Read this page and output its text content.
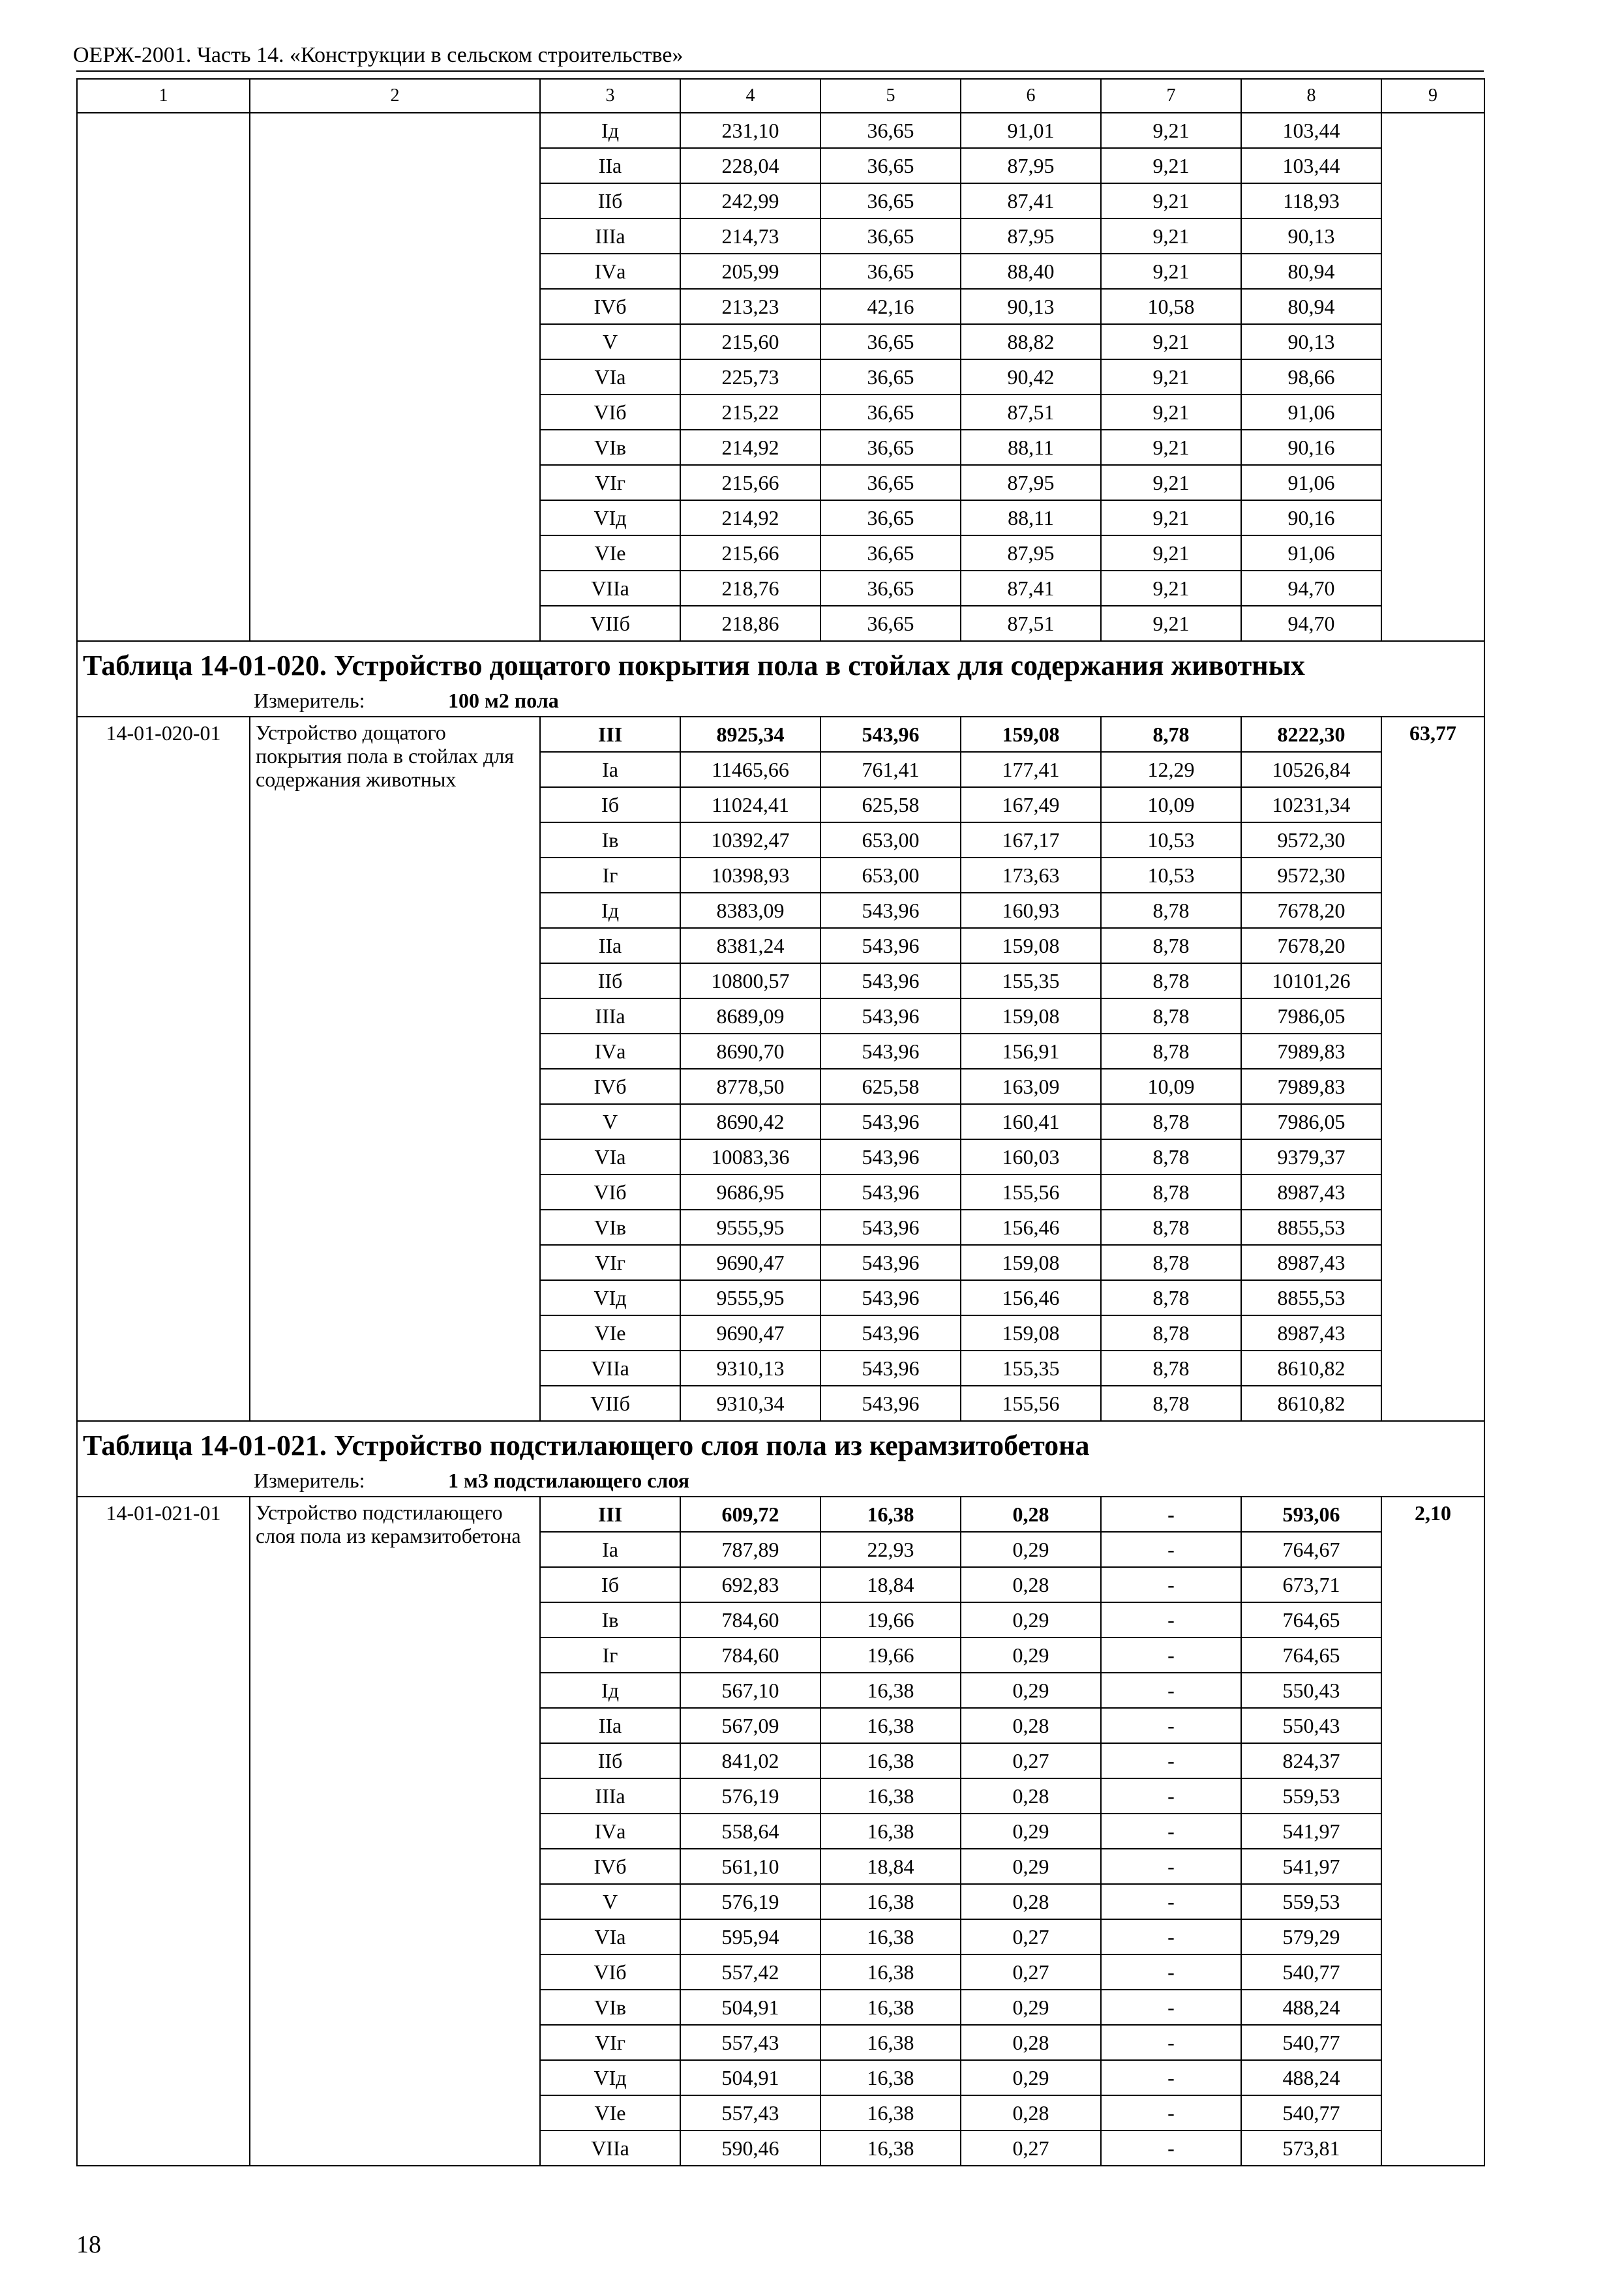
ОЕРЖ-2001. Часть 14. «Конструкции в сельском строительстве»
1	2	3	4	5	6	7	8	9
		Iд	231,10	36,65	91,01	9,21	103,44	
		IIа	228,04	36,65	87,95	9,21	103,44	
		IIб	242,99	36,65	87,41	9,21	118,93	
		IIIа	214,73	36,65	87,95	9,21	90,13	
		IVа	205,99	36,65	88,40	9,21	80,94	
		IVб	213,23	42,16	90,13	10,58	80,94	
		V	215,60	36,65	88,82	9,21	90,13	
		VIа	225,73	36,65	90,42	9,21	98,66	
		VIб	215,22	36,65	87,51	9,21	91,06	
		VIв	214,92	36,65	88,11	9,21	90,16	
		VIг	215,66	36,65	87,95	9,21	91,06	
		VIд	214,92	36,65	88,11	9,21	90,16	
		VIе	215,66	36,65	87,95	9,21	91,06	
		VIIа	218,76	36,65	87,41	9,21	94,70	
		VIIб	218,86	36,65	87,51	9,21	94,70	

Таблица 14-01-020. Устройство дощатого покрытия пола в стойлах для содержания животных
Измеритель: 100 м2 пола								

14-01-020-01	Устройство дощатого покрытия пола в стойлах для содержания животных	III	8925,34	543,96	159,08	8,78	8222,30	63,77
		Iа	11465,66	761,41	177,41	12,29	10526,84	
		Iб	11024,41	625,58	167,49	10,09	10231,34	
		Iв	10392,47	653,00	167,17	10,53	9572,30	
		Iг	10398,93	653,00	173,63	10,53	9572,30	
		Iд	8383,09	543,96	160,93	8,78	7678,20	
		IIа	8381,24	543,96	159,08	8,78	7678,20	
		IIб	10800,57	543,96	155,35	8,78	10101,26	
		IIIа	8689,09	543,96	159,08	8,78	7986,05	
		IVа	8690,70	543,96	156,91	8,78	7989,83	
		IVб	8778,50	625,58	163,09	10,09	7989,83	
		V	8690,42	543,96	160,41	8,78	7986,05	
		VIа	10083,36	543,96	160,03	8,78	9379,37	
		VIб	9686,95	543,96	155,56	8,78	8987,43	
		VIв	9555,95	543,96	156,46	8,78	8855,53	
		VIг	9690,47	543,96	159,08	8,78	8987,43	
		VIд	9555,95	543,96	156,46	8,78	8855,53	
		VIе	9690,47	543,96	159,08	8,78	8987,43	
		VIIа	9310,13	543,96	155,35	8,78	8610,82	
		VIIб	9310,34	543,96	155,56	8,78	8610,82	

Таблица 14-01-021. Устройство подстилающего слоя пола из керамзитобетона
Измеритель: 1 м3 подстилающего слоя								

14-01-021-01	Устройство подстилающего слоя пола из керамзитобетона	III	609,72	16,38	0,28	-	593,06	2,10
		Iа	787,89	22,93	0,29	-	764,67	
		Iб	692,83	18,84	0,28	-	673,71	
		Iв	784,60	19,66	0,29	-	764,65	
		Iг	784,60	19,66	0,29	-	764,65	
		Iд	567,10	16,38	0,29	-	550,43	
		IIа	567,09	16,38	0,28	-	550,43	
		IIб	841,02	16,38	0,27	-	824,37	
		IIIа	576,19	16,38	0,28	-	559,53	
		IVа	558,64	16,38	0,29	-	541,97	
		IVб	561,10	18,84	0,29	-	541,97	
		V	576,19	16,38	0,28	-	559,53	
		VIа	595,94	16,38	0,27	-	579,29	
		VIб	557,42	16,38	0,27	-	540,77	
		VIв	504,91	16,38	0,29	-	488,24	
		VIг	557,43	16,38	0,28	-	540,77	
		VIд	504,91	16,38	0,29	-	488,24	
		VIе	557,43	16,38	0,28	-	540,77	
		VIIа	590,46	16,38	0,27	-	573,81	
18
